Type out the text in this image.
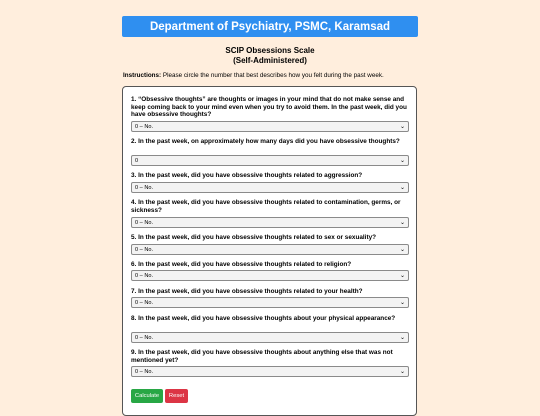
Department of Psychiatry, PSMC, Karamsad
SCIP Obsessions Scale
(Self-Administered)
Instructions: Please circle the number that best describes how you felt during the past week.
1. “Obsessive thoughts” are thoughts or images in your mind that do not make sense and keep coming back to your mind even when you try to avoid them. In the past week, did you have obsessive thoughts?
0 – No.	⌄
2. In the past week, on approximately how many days did you have obsessive thoughts?
0	⌄
3. In the past week, did you have obsessive thoughts related to aggression?
0 – No.	⌄
4. In the past week, did you have obsessive thoughts related to contamination, germs, or sickness?
0 – No.	⌄
5. In the past week, did you have obsessive thoughts related to sex or sexuality?
0 – No.	⌄
6. In the past week, did you have obsessive thoughts related to religion?
0 – No.	⌄
7. In the past week, did you have obsessive thoughts related to your health?
0 – No.	⌄
8. In the past week, did you have obsessive thoughts about your physical appearance?
0 – No.	⌄
9. In the past week, did you have obsessive thoughts about anything else that was not mentioned yet?
0 – No.	⌄
Calculate	Reset
